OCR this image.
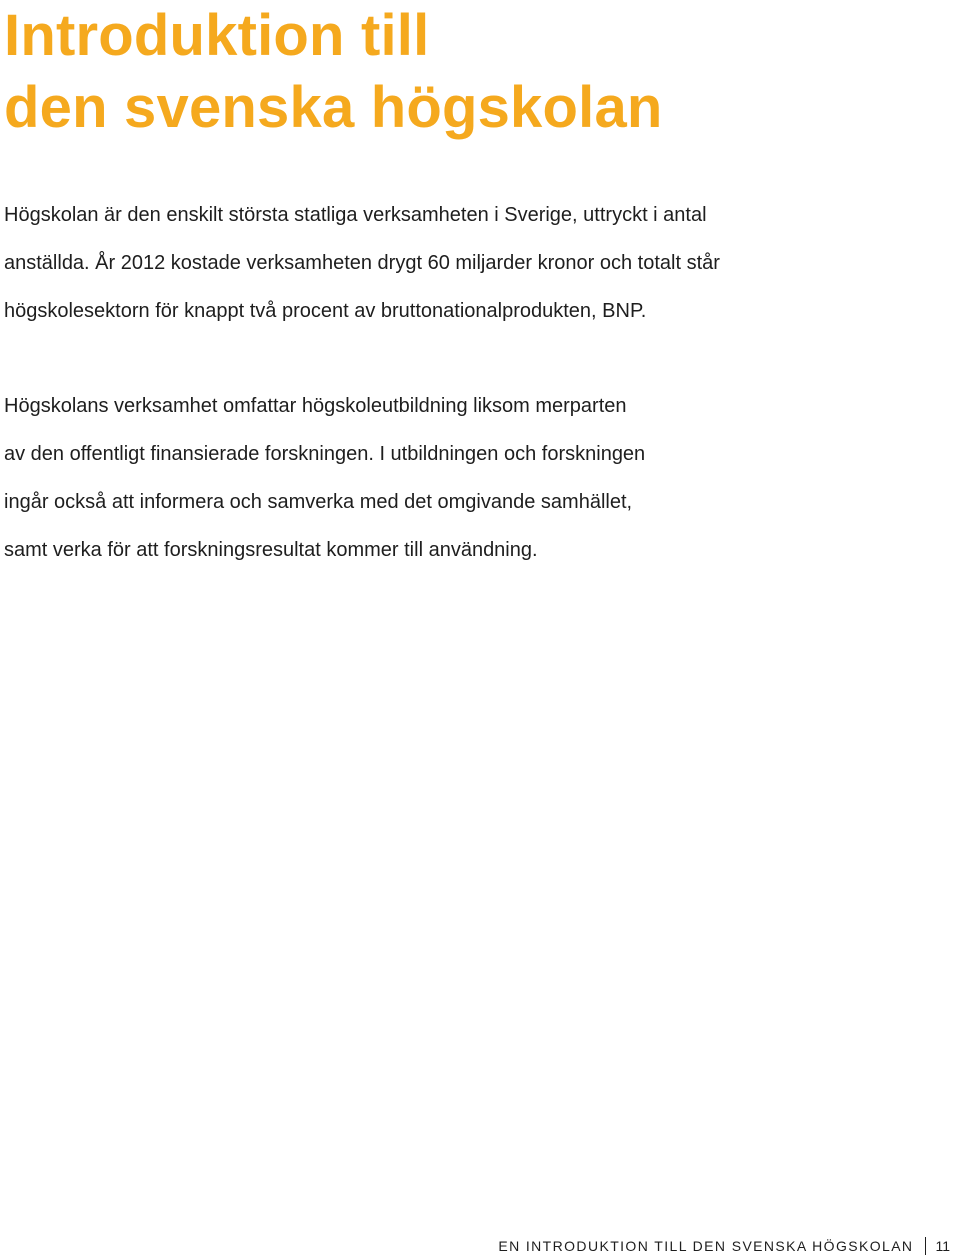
Introduktion till
den svenska högskolan

Högskolan är den enskilt största statliga verksamheten i Sverige, uttryckt i antal
anställda. År 2012 kostade verksamheten drygt 60 miljarder kronor och totalt står
högskolesektorn för knappt två procent av bruttonationalprodukten, BNP.

Högskolans verksamhet omfattar högskoleutbildning liksom merparten
av den offentligt finansierade forskningen. I utbildningen och forskningen
ingår också att informera och samverka med det omgivande samhället,
samt verka för att forskningsresultat kommer till användning.

EN INTRODUKTION TILL DEN SVENSKA HÖGSKOLAN 11
